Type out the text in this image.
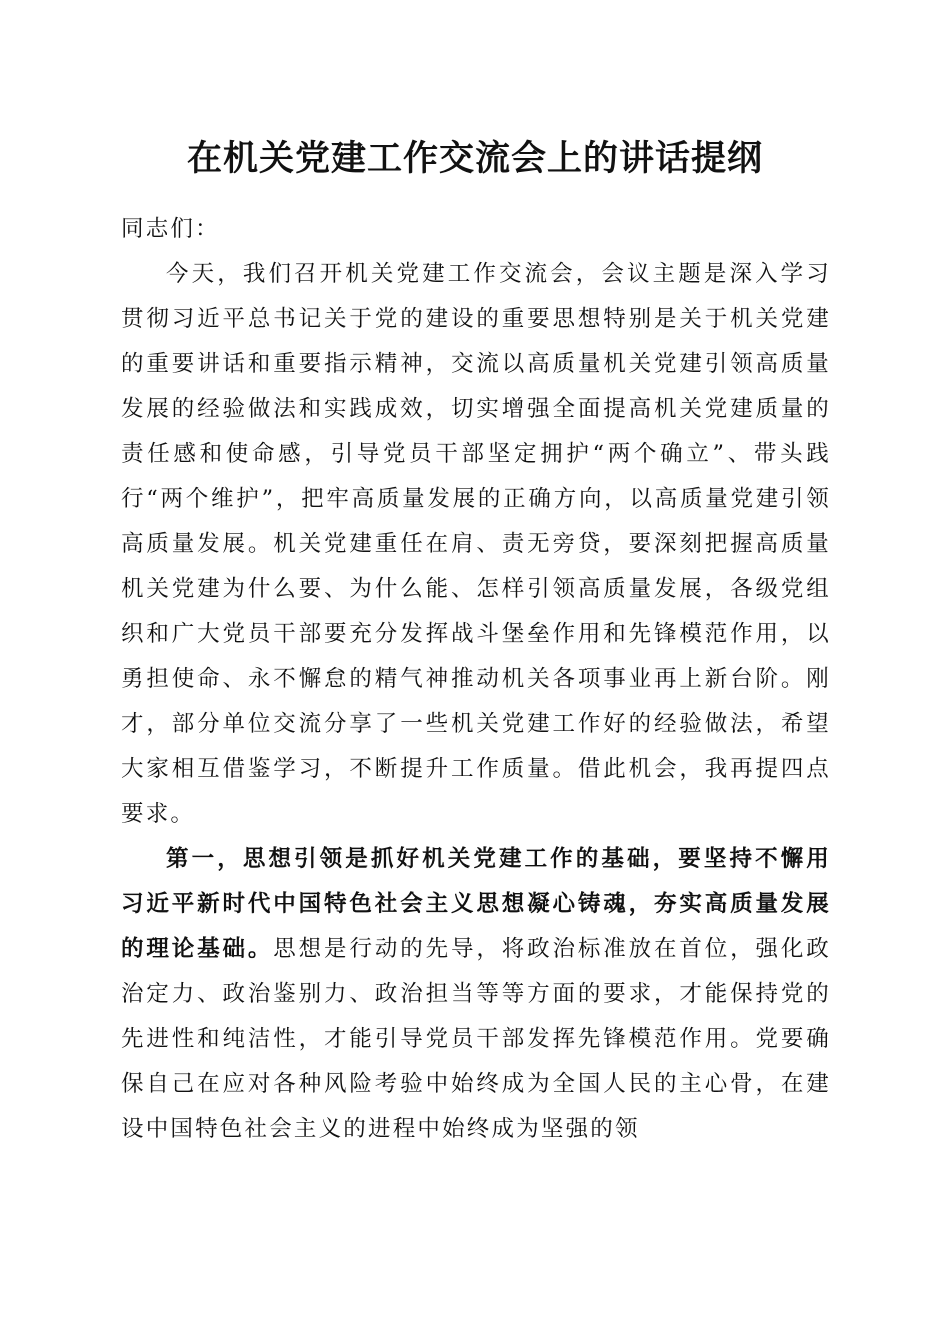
在机关党建工作交流会上的讲话提纲

同志们：

今天，我们召开机关党建工作交流会，会议主题是深入学习贯彻习近平总书记关于党的建设的重要思想特别是关于机关党建的重要讲话和重要指示精神，交流以高质量机关党建引领高质量发展的经验做法和实践成效，切实增强全面提高机关党建质量的责任感和使命感，引导党员干部坚定拥护“两个确立”、带头践行“两个维护”，把牢高质量发展的正确方向，以高质量党建引领高质量发展。机关党建重任在肩、责无旁贷，要深刻把握高质量机关党建为什么要、为什么能、怎样引领高质量发展，各级党组织和广大党员干部要充分发挥战斗堡垒作用和先锋模范作用，以勇担使命、永不懈怠的精气神推动机关各项事业再上新台阶。刚才，部分单位交流分享了一些机关党建工作好的经验做法，希望大家相互借鉴学习，不断提升工作质量。借此机会，我再提四点要求。

第一，思想引领是抓好机关党建工作的基础，要坚持不懈用习近平新时代中国特色社会主义思想凝心铸魂，夯实高质量发展的理论基础。思想是行动的先导，将政治标准放在首位，强化政治定力、政治鉴别力、政治担当等等方面的要求，才能保持党的先进性和纯洁性，才能引导党员干部发挥先锋模范作用。党要确保自己在应对各种风险考验中始终成为全国人民的主心骨，在建设中国特色社会主义的进程中始终成为坚强的领
